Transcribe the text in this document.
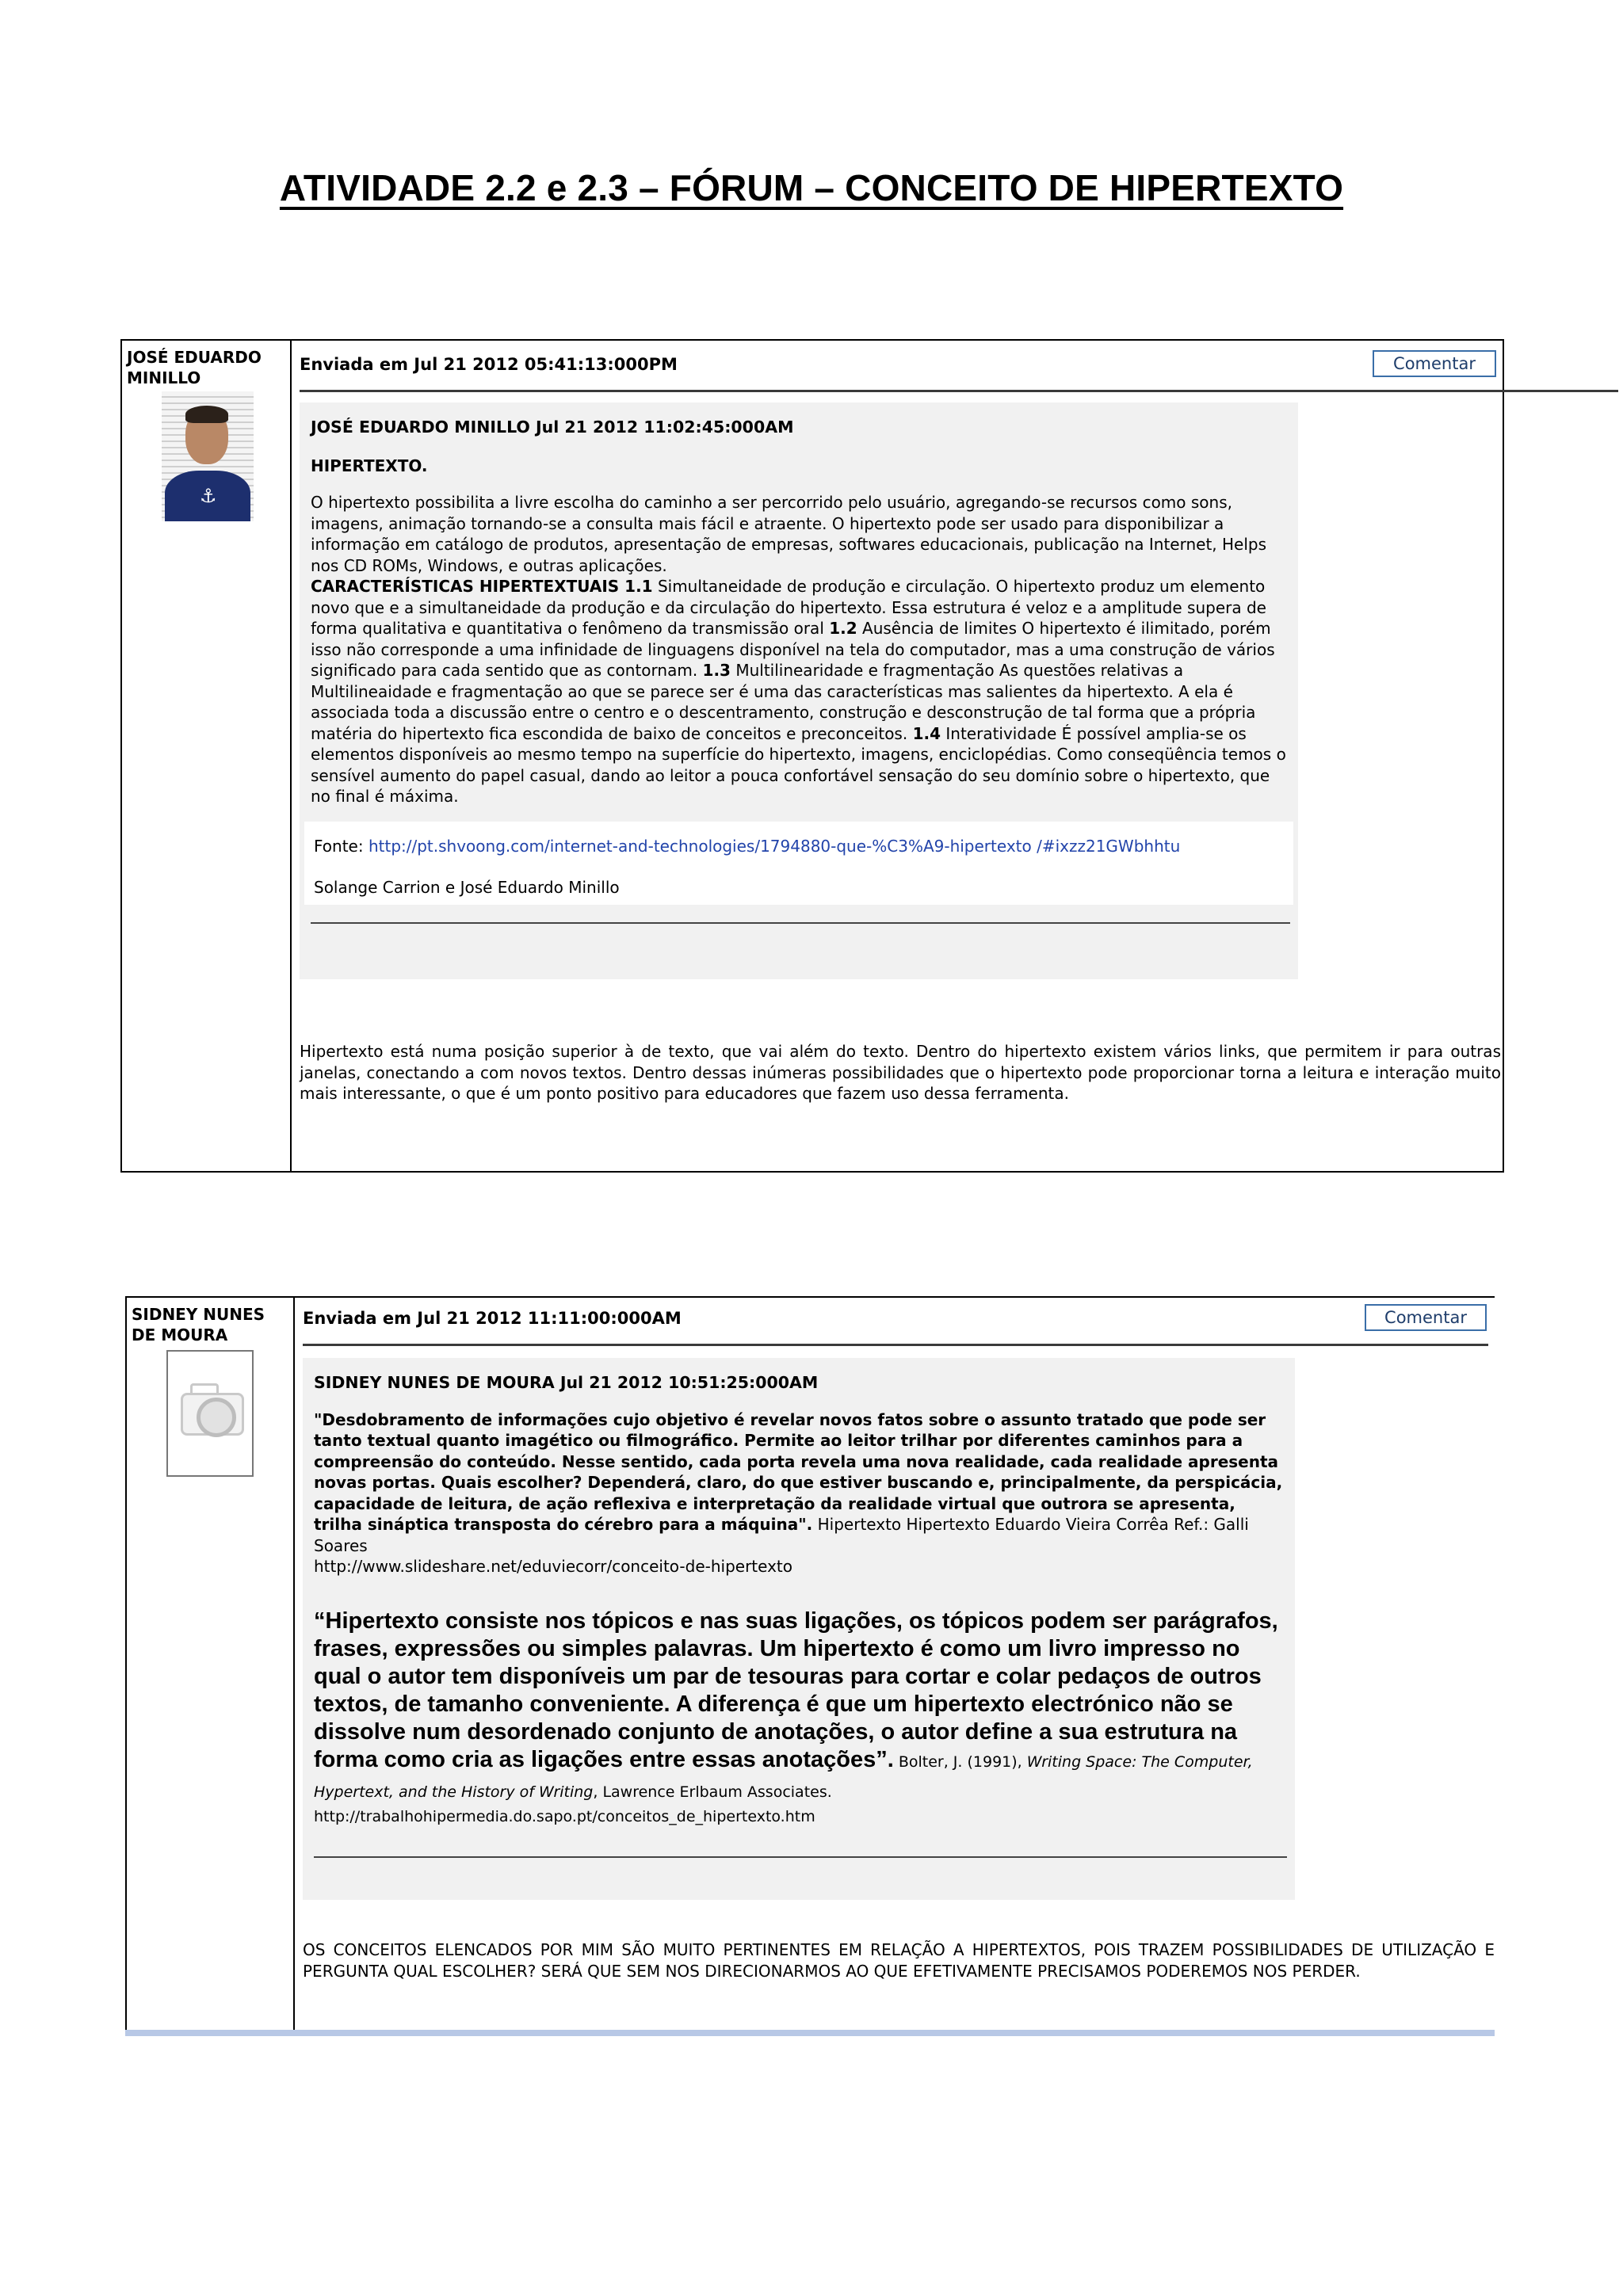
ATIVIDADE 2.2 e 2.3 – FÓRUM – CONCEITO DE HIPERTEXTO
JOSÉ EDUARDO MINILLO
⚓
Enviada em Jul 21 2012 05:41:13:000PM	Comentar
JOSÉ EDUARDO MINILLO Jul 21 2012 11:02:45:000AM
HIPERTEXTO.
O hipertexto possibilita a livre escolha do caminho a ser percorrido pelo usuário, agregando-se recursos como sons, imagens, animação tornando-se a consulta mais fácil e atraente. O hipertexto pode ser usado para disponibilizar a informação em catálogo de produtos, apresentação de empresas, softwares educacionais, publicação na Internet, Helps nos CD ROMs, Windows, e outras aplicações.
CARACTERÍSTICAS HIPERTEXTUAIS 1.1 Simultaneidade de produção e circulação. O hipertexto produz um elemento novo que e a simultaneidade da produção e da circulação do hipertexto. Essa estrutura é veloz e a amplitude supera de forma qualitativa e quantitativa o fenômeno da transmissão oral 1.2 Ausência de limites O hipertexto é ilimitado, porém isso não corresponde a uma infinidade de linguagens disponível na tela do computador, mas a uma construção de vários significado para cada sentido que as contornam. 1.3 Multilinearidade e fragmentação As questões relativas a Multilineaidade e fragmentação ao que se parece ser é uma das características mas salientes da hipertexto. A ela é associada toda a discussão entre o centro e o descentramento, construção e desconstrução de tal forma que a própria matéria do hipertexto fica escondida de baixo de conceitos e preconceitos. 1.4 Interatividade É possível amplia-se os elementos disponíveis ao mesmo tempo na superfície do hipertexto, imagens, enciclopédias. Como conseqüência temos o sensível aumento do papel casual, dando ao leitor a pouca confortável sensação do seu domínio sobre o hipertexto, que no final é máxima.
Fonte: http://pt.shvoong.com/internet-and-technologies/1794880-que-%C3%A9-hipertexto /#ixzz21GWbhhtu
Solange Carrion e José Eduardo Minillo
Hipertexto está numa posição superior à de texto, que vai além do texto. Dentro do hipertexto existem vários links, que permitem ir para outras janelas, conectando a com novos textos. Dentro dessas inúmeras possibilidades que o hipertexto pode proporcionar torna a leitura e interação muito mais interessante, o que é um ponto positivo para educadores que fazem uso dessa ferramenta.
SIDNEY NUNES DE MOURA
Enviada em Jul 21 2012 11:11:00:000AM	Comentar
SIDNEY NUNES DE MOURA Jul 21 2012 10:51:25:000AM
"Desdobramento de informações cujo objetivo é revelar novos fatos sobre o assunto tratado que pode ser tanto textual quanto imagético ou filmográfico. Permite ao leitor trilhar por diferentes caminhos para a compreensão do conteúdo. Nesse sentido, cada porta revela uma nova realidade, cada realidade apresenta novas portas. Quais escolher? Dependerá, claro, do que estiver buscando e, principalmente, da perspicácia, capacidade de leitura, de ação reflexiva e interpretação da realidade virtual que outrora se apresenta, trilha sináptica transposta do cérebro para a máquina". Hipertexto Hipertexto Eduardo Vieira Corrêa Ref.: Galli Soares
http://www.slideshare.net/eduviecorr/conceito-de-hipertexto
“Hipertexto consiste nos tópicos e nas suas ligações, os tópicos podem ser parágrafos, frases, expressões ou simples palavras. Um hipertexto é como um livro impresso no qual o autor tem disponíveis um par de tesouras para cortar e colar pedaços de outros textos, de tamanho conveniente. A diferença é que um hipertexto electrónico não se dissolve num desordenado conjunto de anotações, o autor define a sua estrutura na forma como cria as ligações entre essas anotações”. Bolter, J. (1991), Writing Space: The Computer, Hypertext, and the History of Writing, Lawrence Erlbaum Associates.
http://trabalhohipermedia.do.sapo.pt/conceitos_de_hipertexto.htm
OS CONCEITOS ELENCADOS POR MIM SÃO MUITO PERTINENTES EM RELAÇÃO A HIPERTEXTOS, POIS TRAZEM POSSIBILIDADES DE UTILIZAÇÃO E PERGUNTA QUAL ESCOLHER? SERÁ QUE SEM NOS DIRECIONARMOS AO QUE EFETIVAMENTE PRECISAMOS PODEREMOS NOS PERDER.
